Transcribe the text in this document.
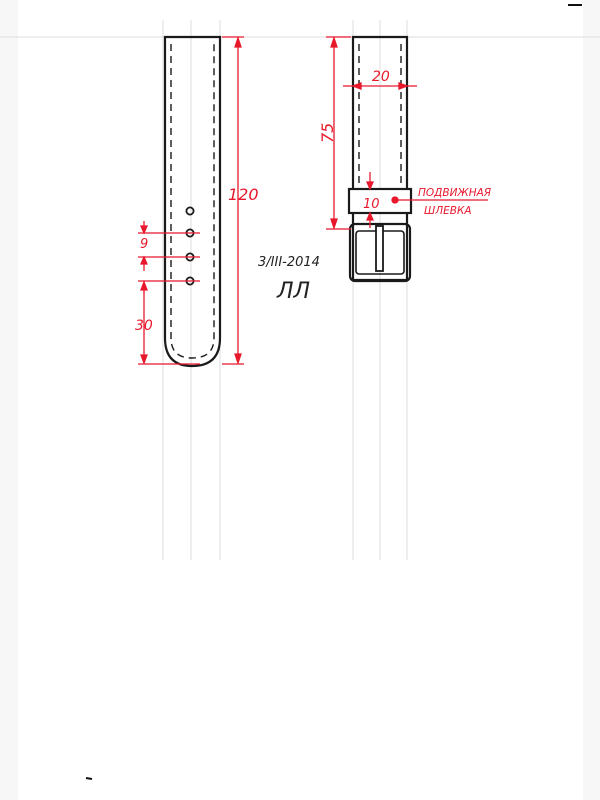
120
9
30
20
75
10
ПОДВИЖНАЯ
ШЛЕВКА
3/III-2014
ЛЛ
